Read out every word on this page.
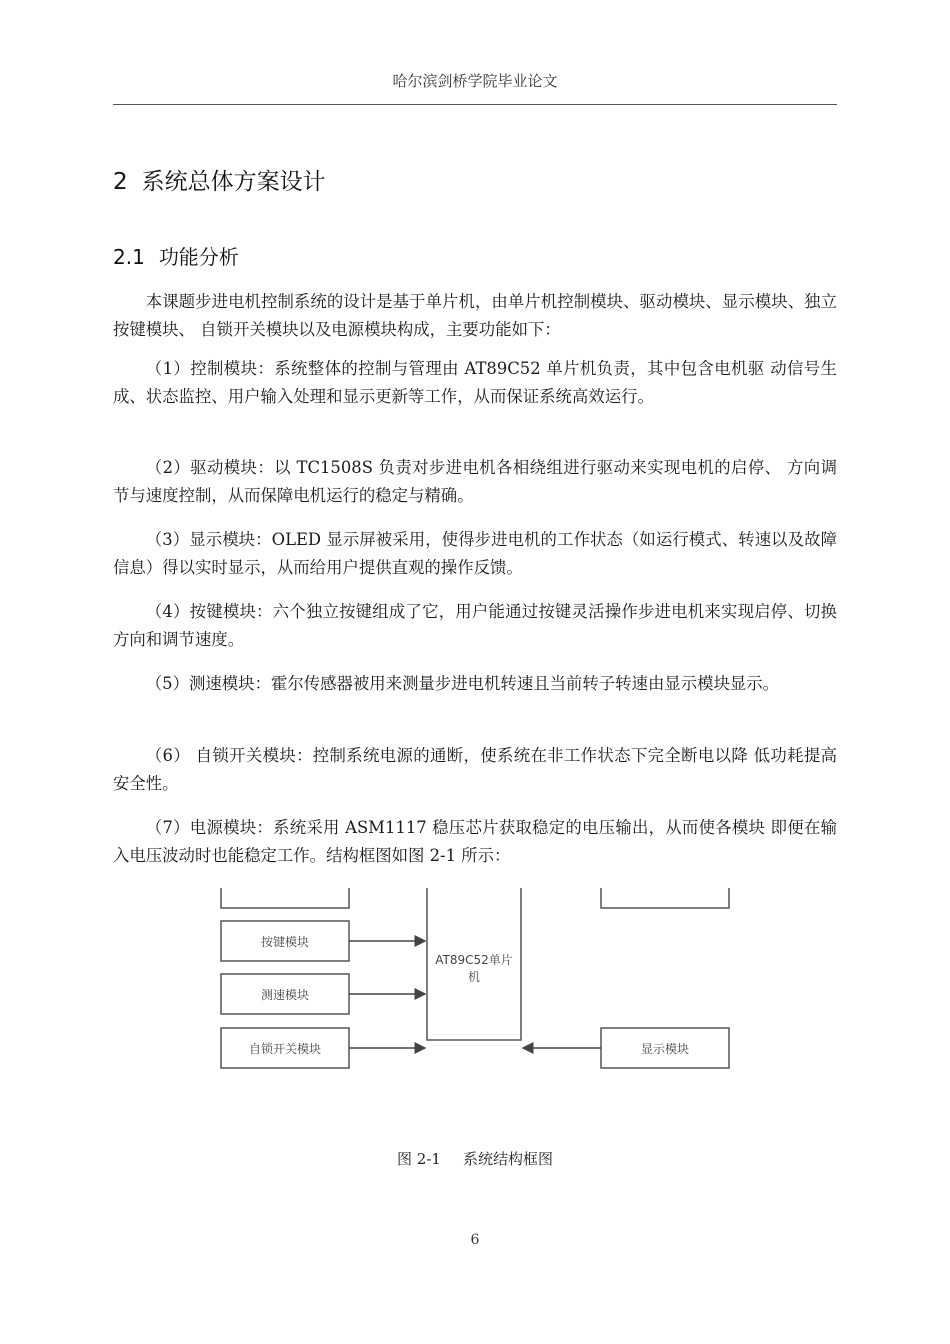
哈尔滨剑桥学院毕业论文
2 系统总体方案设计
2.1 功能分析

本课题步进电机控制系统的设计是基于单片机，由单片机控制模块、驱动模块、显示模块、独立按键模块、 自锁开关模块以及电源模块构成，主要功能如下：

（1）控制模块：系统整体的控制与管理由 AT89C52 单片机负责，其中包含电机驱 动信号生成、状态监控、用户输入处理和显示更新等工作，从而保证系统高效运行。

（2）驱动模块：以 TC1508S 负责对步进电机各相绕组进行驱动来实现电机的启停、 方向调节与速度控制，从而保障电机运行的稳定与精确。

（3）显示模块：OLED 显示屏被采用，使得步进电机的工作状态（如运行模式、转速以及故障信息）得以实时显示，从而给用户提供直观的操作反馈。

（4）按键模块：六个独立按键组成了它，用户能通过按键灵活操作步进电机来实现启停、切换方向和调节速度。

（5）测速模块：霍尔传感器被用来测量步进电机转速且当前转子转速由显示模块显示。

（6） 自锁开关模块：控制系统电源的通断，使系统在非工作状态下完全断电以降 低功耗提高安全性。

（7）电源模块：系统采用 ASM1117 稳压芯片获取稳定的电压输出，从而使各模块 即便在输入电压波动时也能稳定工作。结构框图如图 2-1 所示：

AT89C52单片
机
按键模块
测速模块
自锁开关模块	显示模块
图 2-1 系统结构框图
6
